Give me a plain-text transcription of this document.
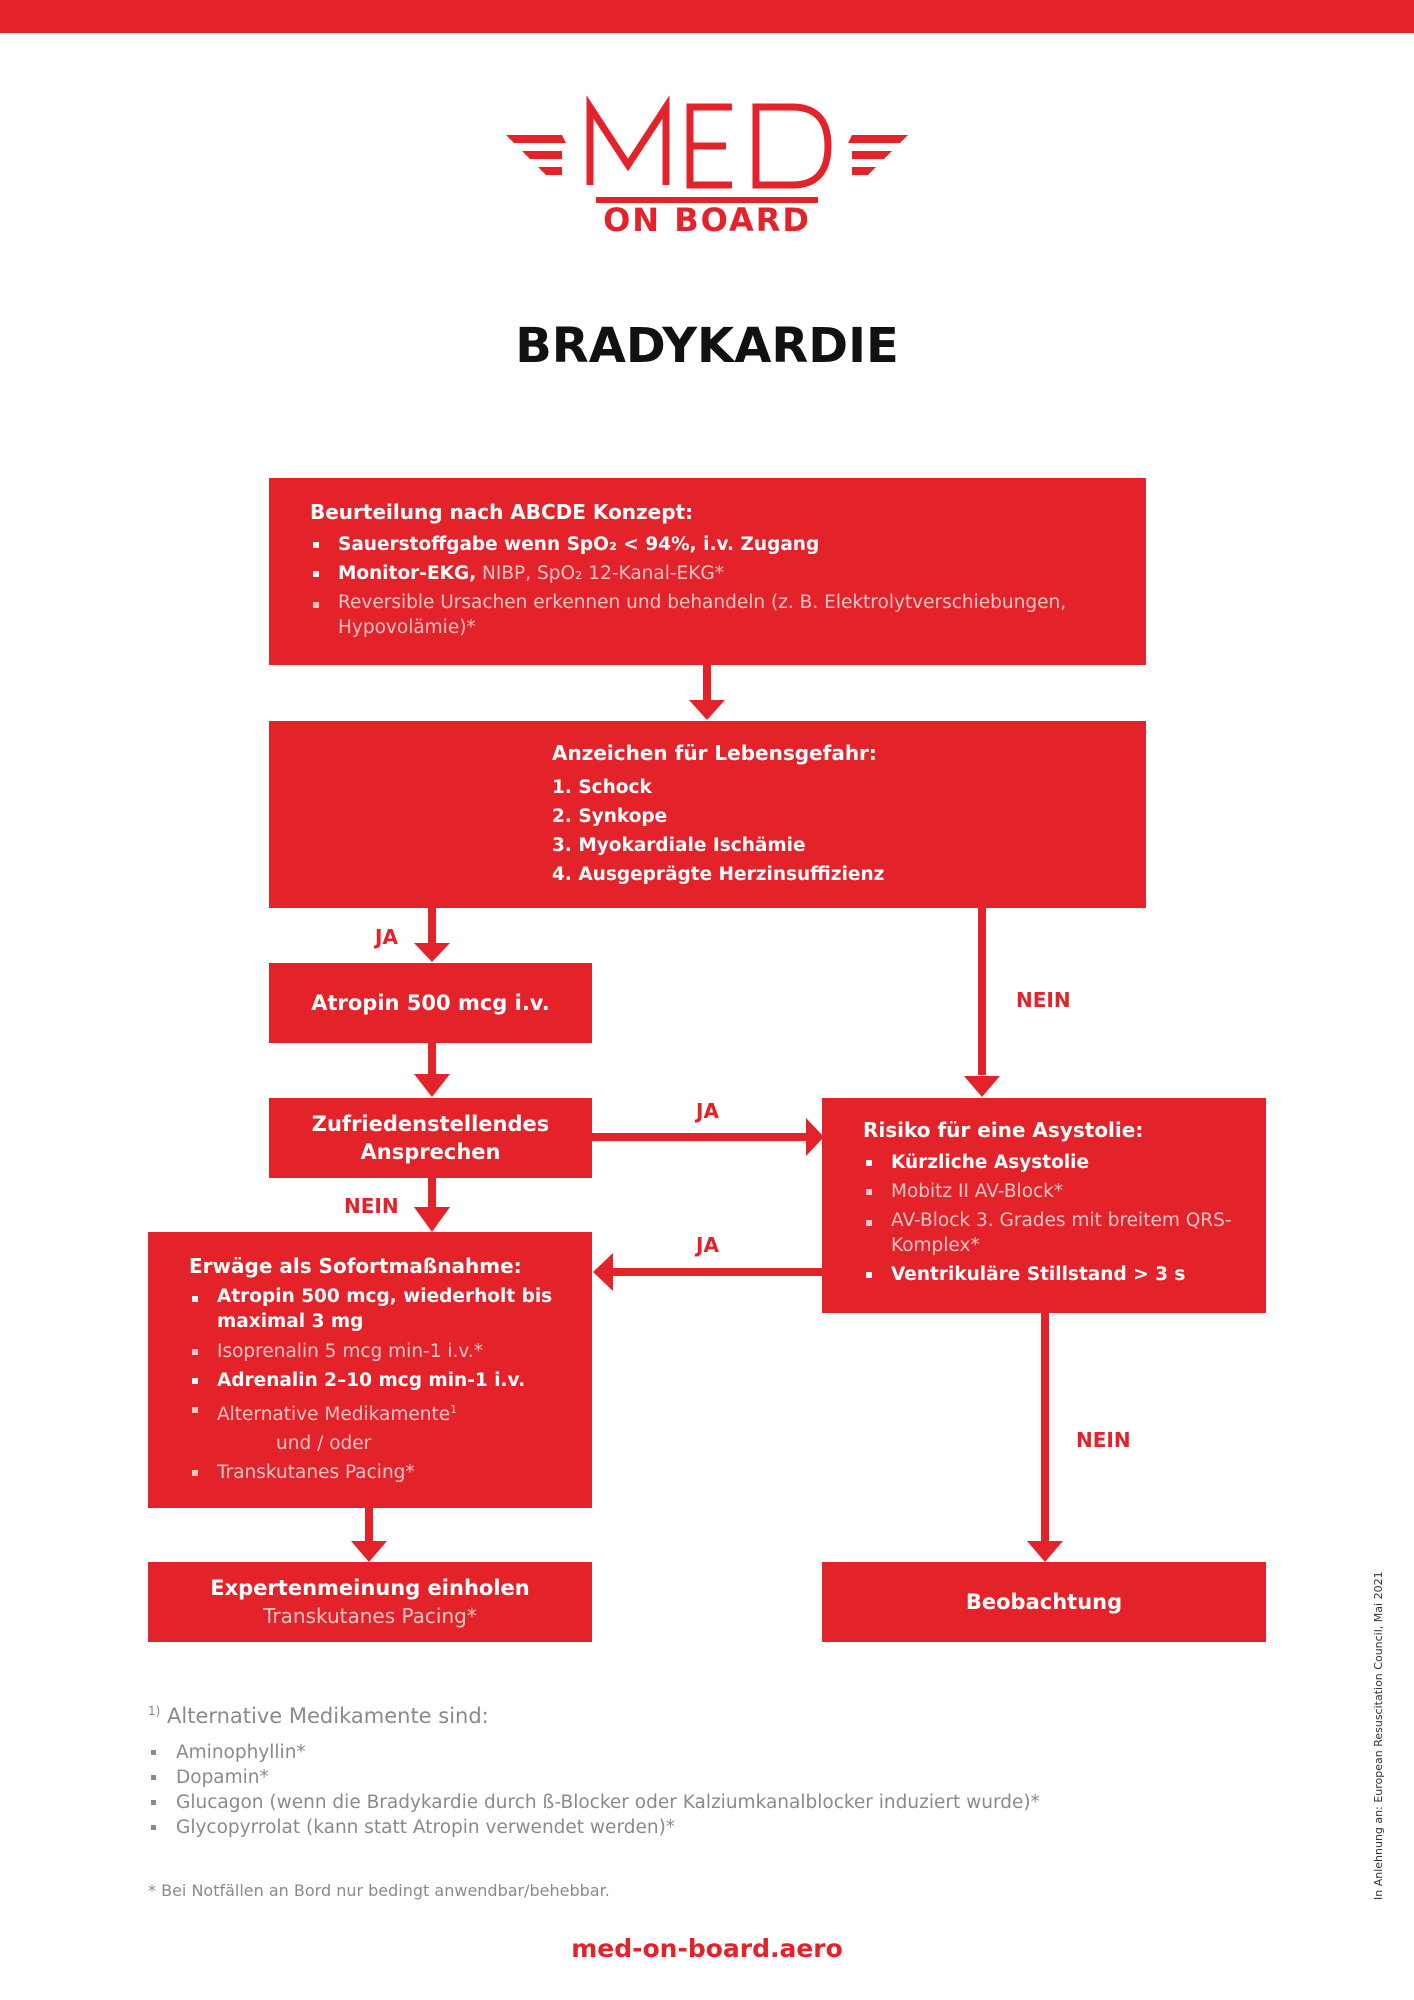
ON BOARD
BRADYKARDIE
Beurteilung nach ABCDE Konzept:
Sauerstoffgabe wenn SpO₂ < 94%, i.v. Zugang
Monitor-EKG, NIBP, SpO₂ 12-Kanal-EKG*
Reversible Ursachen erkennen und behandeln (z. B. Elektrolytverschiebungen, Hypovolämie)*
Anzeichen für Lebensgefahr:
1. Schock
2. Synkope
3. Myokardiale Ischämie
4. Ausgeprägte Herzinsuffizienz
JA
NEIN
Atropin 500 mcg i.v.
Zufriedenstellendes
Ansprechen
JA
NEIN
JA
NEIN
Risiko für eine Asystolie:
Kürzliche Asystolie
Mobitz II AV-Block*
AV-Block 3. Grades mit breitem QRS-Komplex*
Ventrikuläre Stillstand > 3 s
Erwäge als Sofortmaßnahme:
Atropin 500 mcg, wiederholt bis maximal 3 mg
Isoprenalin 5 mcg min-1 i.v.*
Adrenalin 2–10 mcg min-1 i.v.
Alternative Medikamente$^1$
und / oder
Transkutanes Pacing*
Expertenmeinung einholen
Transkutanes Pacing*
Beobachtung
$^{1)}$ Alternative Medikamente sind:
Aminophyllin*
Dopamin*
Glucagon (wenn die Bradykardie durch ß-Blocker oder Kalziumkanalblocker induziert wurde)*
Glycopyrrolat (kann statt Atropin verwendet werden)*
* Bei Notfällen an Bord nur bedingt anwendbar/behebbar.
med-on-board.aero
In Anlehnung an: European Resuscitation Council, Mai 2021
